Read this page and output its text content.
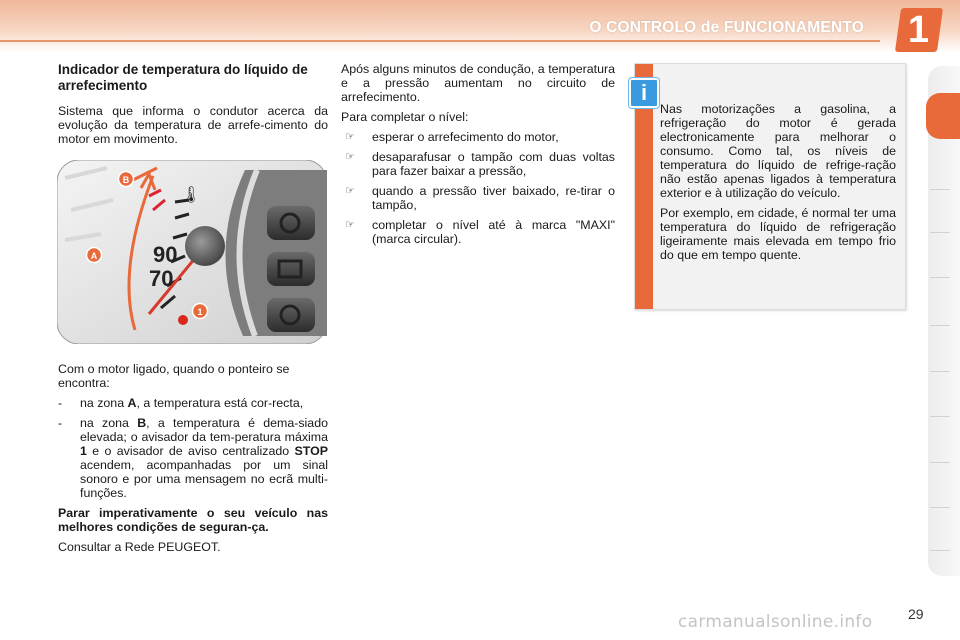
O CONTROLO de FUNCIONAMENTO 1
Indicador de temperatura do líquido de arrefecimento

Sistema que informa o condutor acerca da evolução da temperatura de arrefe-cimento do motor em movimento.

90
70
🌡
B
A
1

Com o motor ligado, quando o ponteiro se encontra:

-	na zona A, a temperatura está cor-recta,
-	na zona B, a temperatura é dema-siado elevada; o avisador da tem-peratura máxima 1 e o avisador de aviso centralizado STOP acendem, acompanhadas por um sinal sonoro e por uma mensagem no ecrã multi-funções.

Parar imperativamente o seu veículo nas melhores condições de seguran-ça.

Consultar a Rede PEUGEOT.

Após alguns minutos de condução, a temperatura e a pressão aumentam no circuito de arrefecimento.

Para completar o nível:

☞	esperar o arrefecimento do motor,
☞	desaparafusar o tampão com duas voltas para fazer baixar a pressão,
☞	quando a pressão tiver baixado, re-tirar o tampão,
☞	completar o nível até à marca "MAXI" (marca circular).
i

Nas motorizações a gasolina, a refrigeração do motor é gerada electronicamente para melhorar o consumo. Como tal, os níveis de temperatura do líquido de refrige-ração não estão apenas ligados à temperatura exterior e à utilização do veículo.

Por exemplo, em cidade, é normal ter uma temperatura do líquido de refrigeração ligeiramente mais elevada em tempo frio do que em tempo quente.

29
carmanualsonline.info
